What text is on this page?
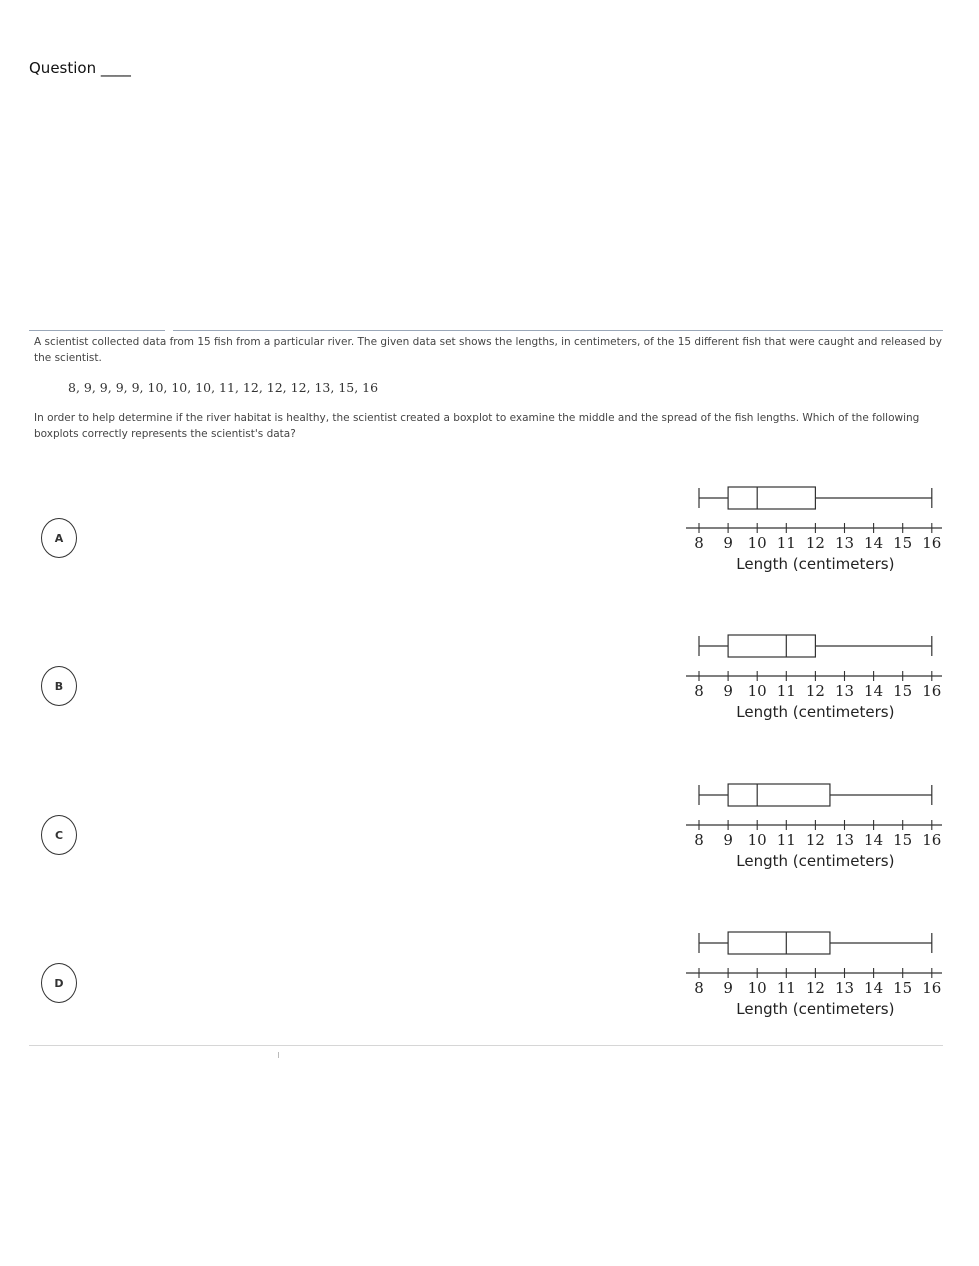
Question ____
A scientist collected data from 15 fish from a particular river. The given data set shows the lengths, in centimeters, of the 15 different fish that were caught and released by the scientist.
8, 9, 9, 9, 9, 10, 10, 10, 11, 12, 12, 12, 13, 15, 16
In order to help determine if the river habitat is healthy, the scientist created a boxplot to examine the middle and the spread of the fish lengths. Which of the following boxplots correctly represents the scientist's data?
A	8 9 10 11 12 13 14 15 16
Length (centimeters)
B	8 9 10 11 12 13 14 15 16
Length (centimeters)
C	8 9 10 11 12 13 14 15 16
Length (centimeters)
D	8 9 10 11 12 13 14 15 16
Length (centimeters)
